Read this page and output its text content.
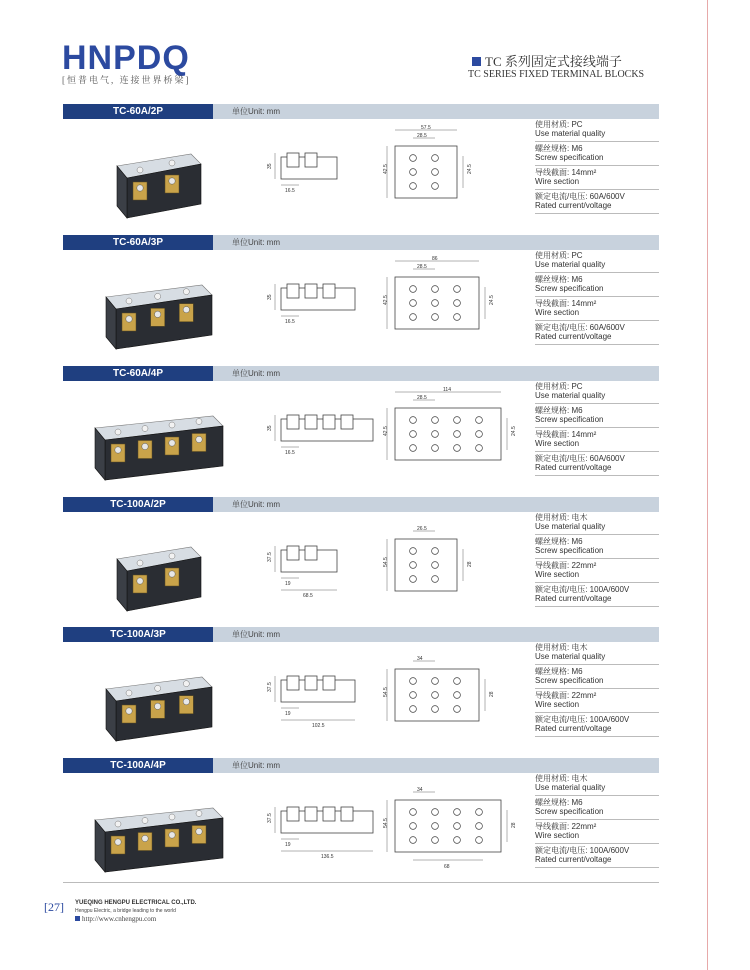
HNPDQ
[恒普电气, 连接世界桥梁]
TC 系列固定式接线端子
TC SERIES FIXED TERMINAL BLOCKS
TC-60A/2P	单位Unit: mm
35
16.5
57.5
28.5
42.5	24.5
使用材质: PC
Use material quality
螺丝规格: M6
Screw specification
导线截面: 14mm²
Wire section
额定电流/电压: 60A/600V
Rated current/voltage
TC-60A/3P	单位Unit: mm
35
16.5
86
28.5
42.5	24.5
使用材质: PC
Use material quality
螺丝规格: M6
Screw specification
导线截面: 14mm²
Wire section
额定电流/电压: 60A/600V
Rated current/voltage
TC-60A/4P	单位Unit: mm
35
16.5
114
28.5
42.5	24.5
使用材质: PC
Use material quality
螺丝规格: M6
Screw specification
导线截面: 14mm²
Wire section
额定电流/电压: 60A/600V
Rated current/voltage
TC-100A/2P	单位Unit: mm
37.5
19
68.5
26.5
54.5	28
使用材质: 电木
Use material quality
螺丝规格: M6
Screw specification
导线截面: 22mm²
Wire section
额定电流/电压: 100A/600V
Rated current/voltage
TC-100A/3P	单位Unit: mm
37.5
19
102.5
34
54.5	28
使用材质: 电木
Use material quality
螺丝规格: M6
Screw specification
导线截面: 22mm²
Wire section
额定电流/电压: 100A/600V
Rated current/voltage
TC-100A/4P	单位Unit: mm
37.5
19
136.5
34
54.5	28
68
使用材质: 电木
Use material quality
螺丝规格: M6
Screw specification
导线截面: 22mm²
Wire section
额定电流/电压: 100A/600V
Rated current/voltage
[27] YUEQING HENGPU ELECTRICAL CO.,LTD.
Hengpu Electric, a bridge leading to the world
http://www.cnhengpu.com
